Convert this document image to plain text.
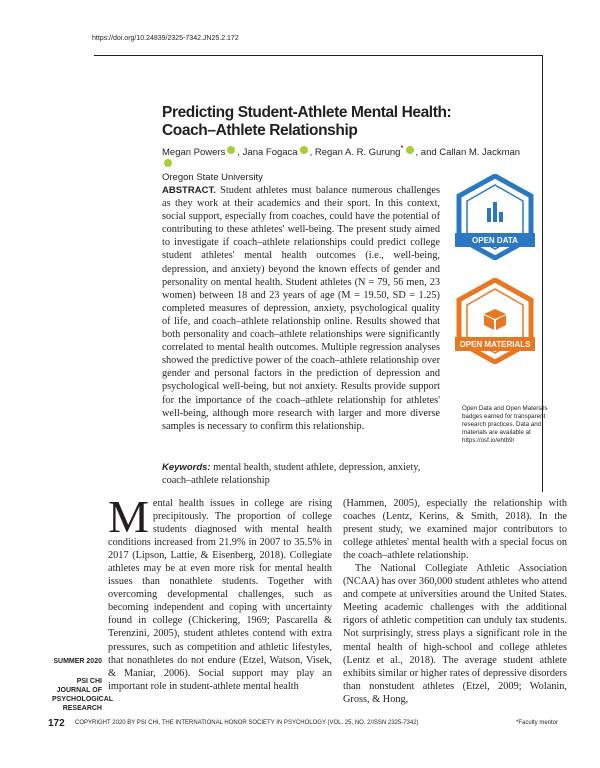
https://doi.org/10.24839/2325-7342.JN25.2.172
Predicting Student-Athlete Mental Health:
Coach–Athlete Relationship
Megan Powers , Jana Fogaca , Regan A. R. Gurung* , and Callan M. Jackman
Oregon State University
ABSTRACT. Student athletes must balance numerous challenges as they work at their academics and their sport. In this context, social support, especially from coaches, could have the potential of contributing to these athletes' well-being. The present study aimed to investigate if coach–athlete relationships could predict college student athletes' mental health outcomes (i.e., well-being, depression, and anxiety) beyond the known effects of gender and personality on mental health. Student athletes (N = 79, 56 men, 23 women) between 18 and 23 years of age (M = 19.50, SD = 1.25) completed measures of depression, anxiety, psychological quality of life, and coach–athlete relationship online. Results showed that both personality and coach–athlete relationships were significantly correlated to mental health outcomes. Multiple regression analyses showed the predictive power of the coach–athlete relationship over gender and personal factors in the prediction of depression and psychological well-being, but not anxiety. Results provide support for the importance of the coach–athlete relationship for athletes' well-being, although more research with larger and more diverse samples is necessary to confirm this relationship.
Keywords: mental health, student athlete, depression, anxiety, coach–athlete relationship
OPEN DATA
OPEN MATERIALS
Open Data and Open Materials badges earned for transparent research practices. Data and materials are available at https://osf.io/ehtb9/

Mental health issues in college are rising precipitously. The proportion of college students diagnosed with mental health conditions increased from 21.9% in 2007 to 35.5% in 2017 (Lipson, Lattie, & Eisenberg, 2018). Collegiate athletes may be at even more risk for mental health issues than nonathlete students. Together with overcoming developmental challenges, such as becoming independent and coping with uncertainty found in college (Chickering, 1969; Pascarella & Terenzini, 2005), student athletes contend with extra pressures, such as competition and athletic lifestyles, that nonathletes do not endure (Etzel, Watson, Visek, & Maniar, 2006). Social support may play an important role in student-athlete mental health

(Hammen, 2005), especially the relationship with coaches (Lentz, Kerins, & Smith, 2018). In the present study, we examined major contributors to college athletes' mental health with a special focus on the coach–athlete relationship.

The National Collegiate Athletic Association (NCAA) has over 360,000 student athletes who attend and compete at universities around the United States. Meeting academic challenges with the additional rigors of athletic competition can unduly tax students. Not surprisingly, stress plays a significant role in the mental health of high-school and college athletes (Lentz et al., 2018). The average student athlete exhibits similar or higher rates of depressive disorders than nonstudent athletes (Etzel, 2009; Wolanin, Gross, & Hong,

SUMMER 2020
PSI CHI
JOURNAL OF
PSYCHOLOGICAL
RESEARCH
172 COPYRIGHT 2020 BY PSI CHI, THE INTERNATIONAL HONOR SOCIETY IN PSYCHOLOGY (VOL. 25, NO. 2/ISSN 2325-7342)	*Faculty mentor
